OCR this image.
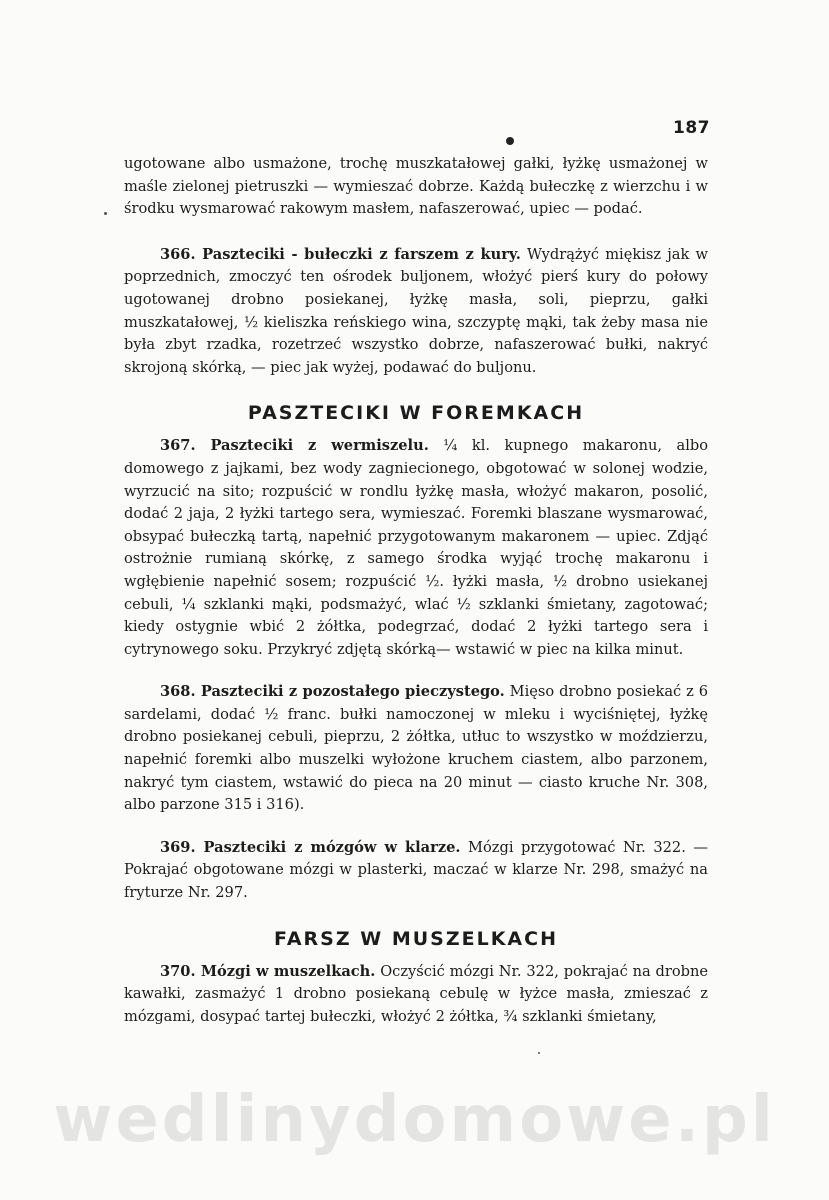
187

ugotowane albo usmażone, trochę muszkatałowej gałki, łyżkę usmażonej w maśle zielonej pietruszki — wymieszać dobrze. Każdą bułeczkę z wierzchu i w środku wysmarować rakowym masłem, nafaszerować, upiec — podać.

366. Paszteciki - bułeczki z farszem z kury. Wydrążyć miękisz jak w poprzednich, zmoczyć ten ośrodek buljonem, włożyć pierś kury do połowy ugotowanej drobno posiekanej, łyżkę masła, soli, pieprzu, gałki muszkatałowej, ½ kieliszka reńskiego wina, szczyptę mąki, tak żeby masa nie była zbyt rzadka, rozetrzeć wszystko dobrze, nafaszerować bułki, nakryć skrojoną skórką, — piec jak wyżej, podawać do buljonu.

PASZTECIKI W FOREMKACH

367. Paszteciki z wermiszelu. ¼ kl. kupnego makaronu, albo domowego z jajkami, bez wody zagniecionego, obgotować w solonej wodzie, wyrzucić na sito; rozpuścić w rondlu łyżkę masła, włożyć makaron, posolić, dodać 2 jaja, 2 łyżki tartego sera, wymieszać. Foremki blaszane wysmarować, obsypać bułeczką tartą, napełnić przygotowanym makaronem — upiec. Zdjąć ostrożnie rumianą skórkę, z samego środka wyjąć trochę makaronu i wgłębienie napełnić sosem; rozpuścić ½. łyżki masła, ½ drobno usiekanej cebuli, ¼ szklanki mąki, podsmażyć, wlać ½ szklanki śmietany, zagotować; kiedy ostygnie wbić 2 żółtka, podegrzać, dodać 2 łyżki tartego sera i cytrynowego soku. Przykryć zdjętą skórką— wstawić w piec na kilka minut.

368. Paszteciki z pozostałego pieczystego. Mięso drobno posiekać z 6 sardelami, dodać ½ franc. bułki namoczonej w mleku i wyciśniętej, łyżkę drobno posiekanej cebuli, pieprzu, 2 żółtka, utłuc to wszystko w moździerzu, napełnić foremki albo muszelki wyłożone kruchem ciastem, albo parzonem, nakryć tym ciastem, wstawić do pieca na 20 minut — ciasto kruche Nr. 308, albo parzone 315 i 316).

369. Paszteciki z mózgów w klarze. Mózgi przygotować Nr. 322. — Pokrajać obgotowane mózgi w plasterki, maczać w klarze Nr. 298, smażyć na fryturze Nr. 297.

FARSZ W MUSZELKACH

370. Mózgi w muszelkach. Oczyścić mózgi Nr. 322, pokrajać na drobne kawałki, zasmażyć 1 drobno posiekaną cebulę w łyżce masła, zmieszać z mózgami, dosypać tartej bułeczki, włożyć 2 żółtka, ¾ szklanki śmietany,

wedlinydomowe.pl
